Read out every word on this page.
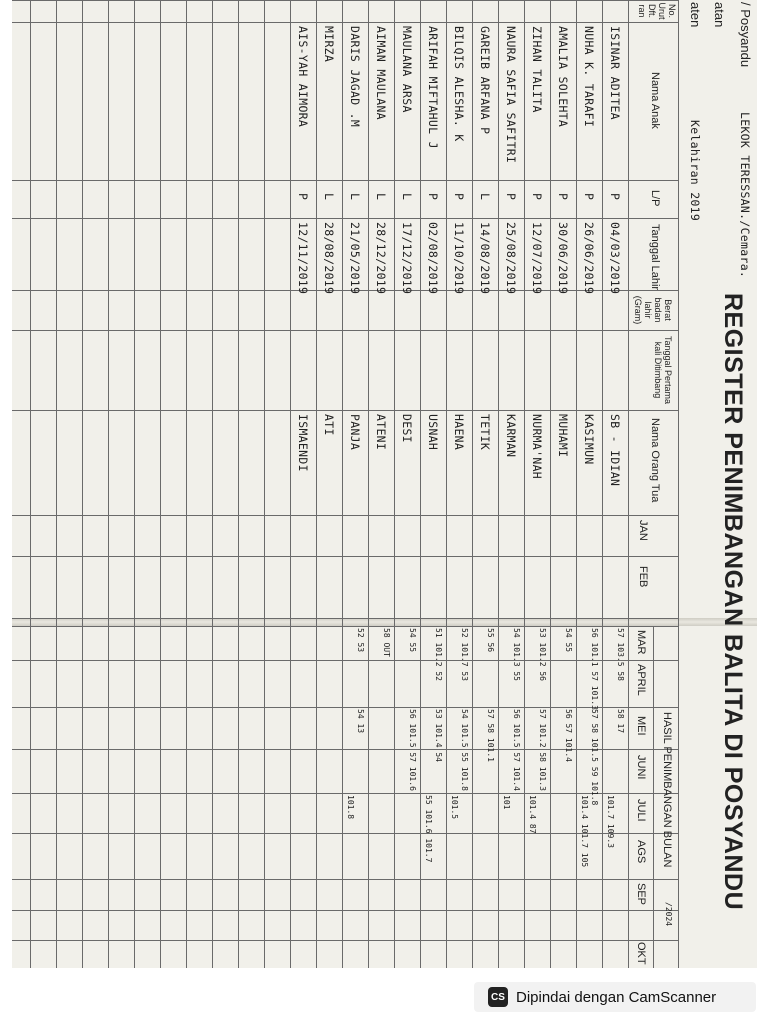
REGISTER PENIMBANGAN
BALITA DI POSYANDU
/ Posyandu
LEKOK TERESSAN./Cemara.
atan
aten
Kelahiran 2019
No. Urut Dft. ran
Nama Anak
L/P
Tanggal Lahir
Berat badan lahir (Gram)
Tanggal Pertama kali Ditimbang
Nama Orang Tua
HASIL PENIMBANGAN BULAN
/2024
JAN
FEB
MAR
APRIL
MEI
JUNI
JULI
AGS
SEP
OKT
ISINAR ADITEA
P
04/03/2019
SB - IDIAN
NUHA K. TARAFI
P
26/06/2019
KASIMUN
AMALIA SOLEHTA
P
30/06/2019
MUHAMI
ZIHAN TALITA
P
12/07/2019
NURMA'NAH
NAURA SAFIA SAFITRI
P
25/08/2019
KARMAN
GAREIB ARFANA P
L
14/08/2019
TETIK
BILQIS ALESHA. K
P
11/10/2019
HAENA
ARIFAH MIFTAHUL J
P
02/08/2019
USNAH
MAULANA ARSA
L
17/12/2019
DESI
AIMAN MAULANA
L
28/12/2019
ATENI
DARIS JAGAD .M
L
21/05/2019
PANJA
MIRZA
L
28/08/2019
ATI
AIS-YAH AIMORA
P
12/11/2019
ISMAENDI
57 103.5 58
58 17
101.7 109.3
56 101.1 57 101.3
57 58 101.5 59 101.8
101.4 101.7 105
54 55
56 57 101.4
53 101.2 56
57 101.2 58 101.3
101.4 87
54 101.3 55
56 101.5 57 101.4
101
55 56
57 58 101.1
52 101.7 53
54 101.5 55 101.8
101.5
51 101.2 52
53 101.4 54
55 101.6 101.7
54 55
56 101.5 57 101.6
58 OUT
52 53
54 13
101.8
CS Dipindai dengan CamScanner
